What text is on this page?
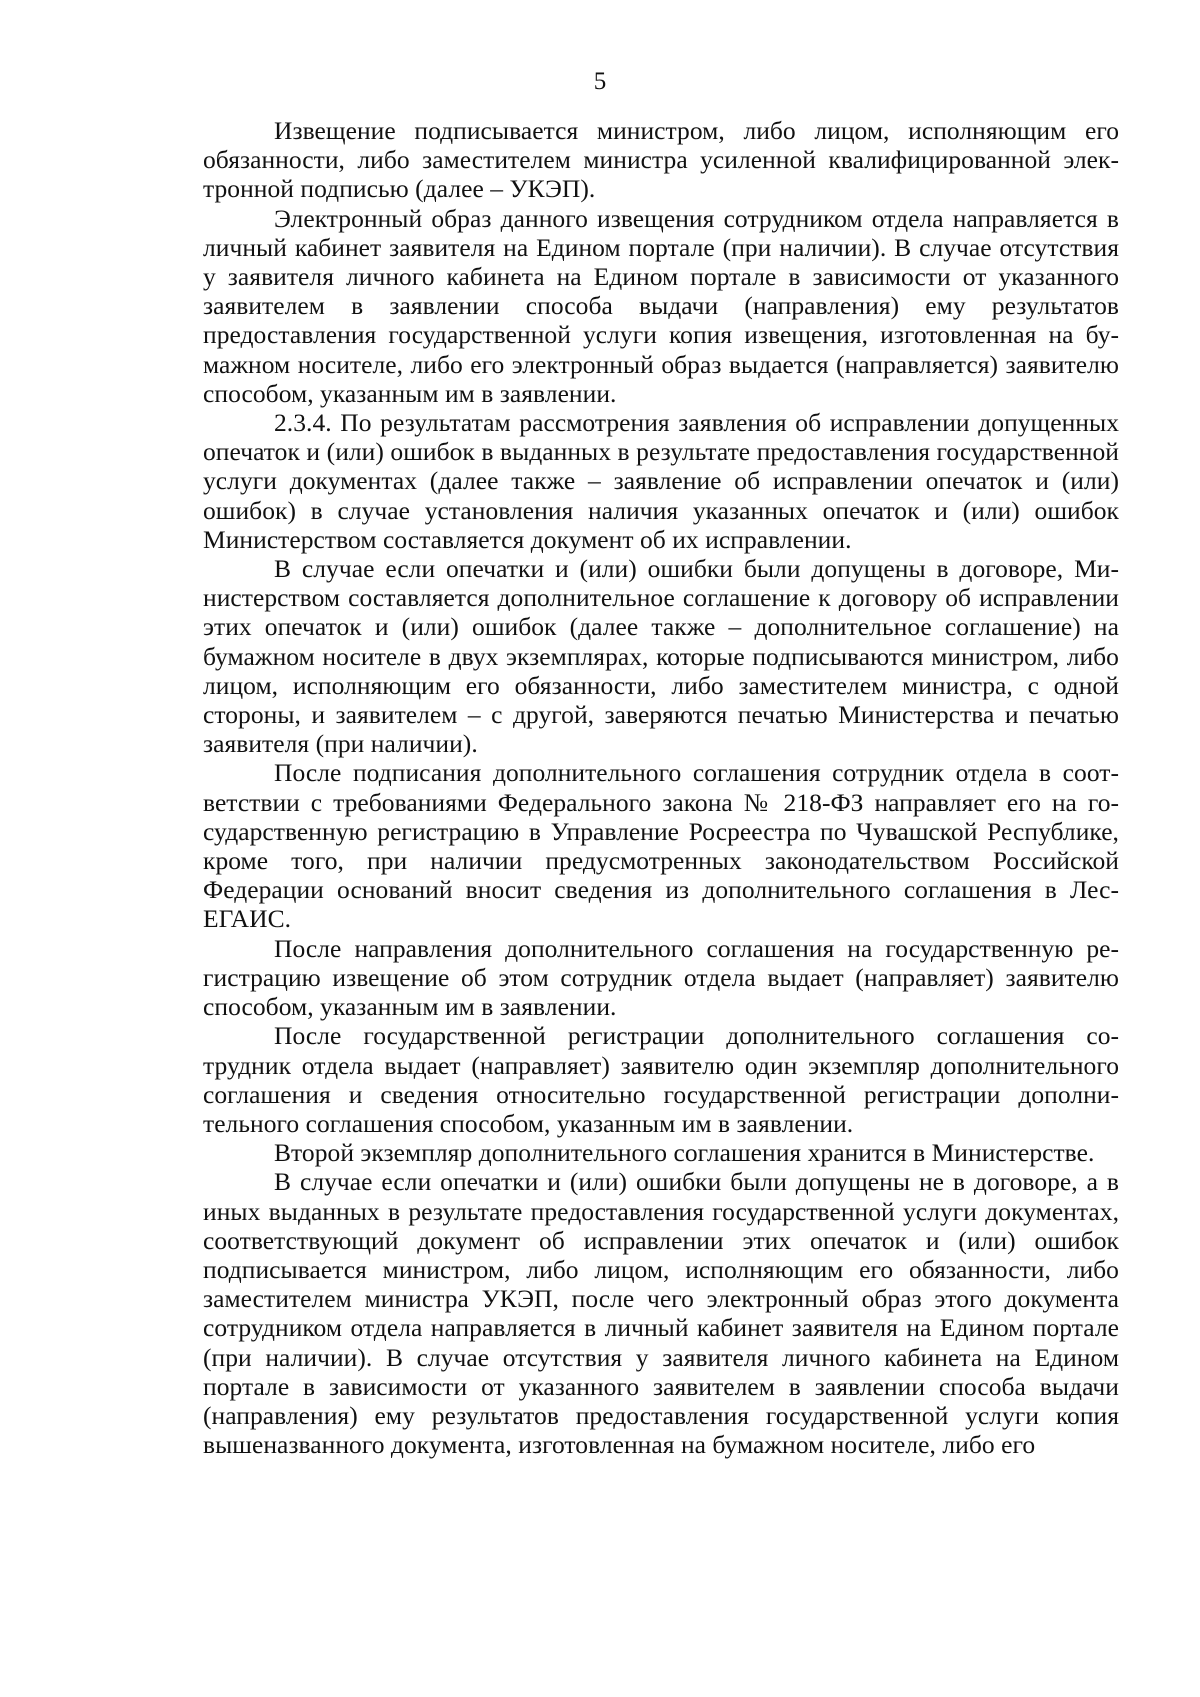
5

Извещение подписывается министром, либо лицом, исполняющим его обязанности, либо заместителем министра усиленной квалифицированной электронной подписью (далее – УКЭП).

Электронный образ данного извещения сотрудником отдела направляется в личный кабинет заявителя на Едином портале (при наличии). В случае отсутствия у заявителя личного кабинета на Едином портале в зависимости от указанного заявителем в заявлении способа выдачи (направления) ему результатов предоставления государственной услуги копия извещения, изготовленная на бумажном носителе, либо его электронный образ выдается (направляется) заявителю способом, указанным им в заявлении.

2.3.4. По результатам рассмотрения заявления об исправлении допущенных опечаток и (или) ошибок в выданных в результате предоставления государственной услуги документах (далее также – заявление об исправлении опечаток и (или) ошибок) в случае установления наличия указанных опечаток и (или) ошибок Министерством составляется документ об их исправлении.

В случае если опечатки и (или) ошибки были допущены в договоре, Министерством составляется дополнительное соглашение к договору об исправлении этих опечаток и (или) ошибок (далее также – дополнительное соглашение) на бумажном носителе в двух экземплярах, которые подписываются министром, либо лицом, исполняющим его обязанности, либо заместителем министра, с одной стороны, и заявителем – с другой, заверяются печатью Министерства и печатью заявителя (при наличии).

После подписания дополнительного соглашения сотрудник отдела в соответствии с требованиями Федерального закона № 218-ФЗ направляет его на государственную регистрацию в Управление Росреестра по Чувашской Республике, кроме того, при наличии предусмотренных законодательством Российской Федерации оснований вносит сведения из дополнительного соглашения в ЛесЕГАИС.

После направления дополнительного соглашения на государственную регистрацию извещение об этом сотрудник отдела выдает (направляет) заявителю способом, указанным им в заявлении.

После государственной регистрации дополнительного соглашения сотрудник отдела выдает (направляет) заявителю один экземпляр дополнительного соглашения и сведения относительно государственной регистрации дополнительного соглашения способом, указанным им в заявлении.

Второй экземпляр дополнительного соглашения хранится в Министерстве.

В случае если опечатки и (или) ошибки были допущены не в договоре, а в иных выданных в результате предоставления государственной услуги документах, соответствующий документ об исправлении этих опечаток и (или) ошибок подписывается министром, либо лицом, исполняющим его обязанности, либо заместителем министра УКЭП, после чего электронный образ этого документа сотрудником отдела направляется в личный кабинет заявителя на Едином портале (при наличии). В случае отсутствия у заявителя личного кабинета на Едином портале в зависимости от указанного заявителем в заявлении способа выдачи (направления) ему результатов предоставления государственной услуги копия вышеназванного документа, изготовленная на бумажном носителе, либо его
